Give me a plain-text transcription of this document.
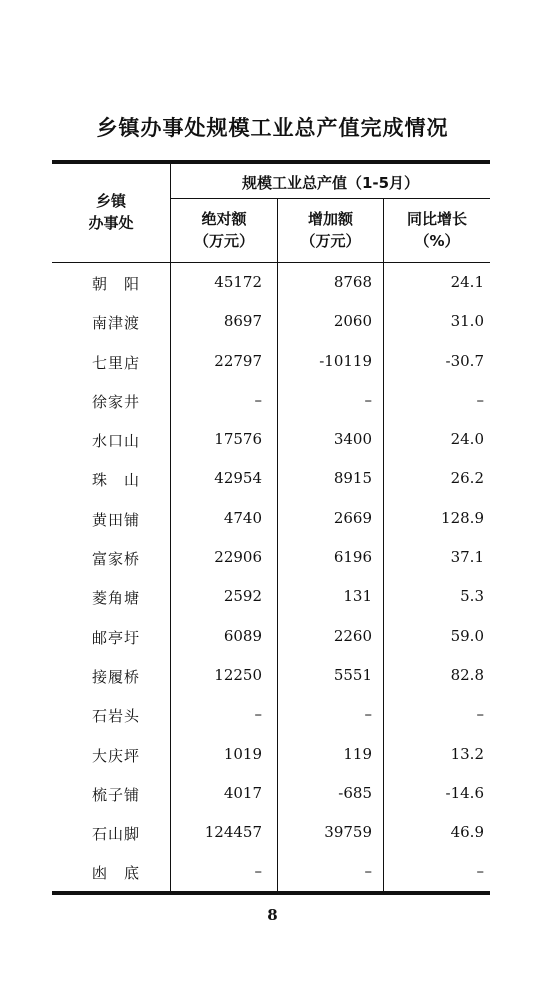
乡镇办事处规模工业总产值完成情况
乡镇
办事处
规模工业总产值（1-5月）
绝对额
（万元）
增加额
（万元）
同比增长
（%）
朝　阳	45172	8768	24.1
南津渡	8697	2060	31.0
七里店	22797	-10119	-30.7
徐家井	–	–	–
水口山	17576	3400	24.0
珠　山	42954	8915	26.2
黄田铺	4740	2669	128.9
富家桥	22906	6196	37.1
菱角塘	2592	131	5.3
邮亭圩	6089	2260	59.0
接履桥	12250	5551	82.8
石岩头	–	–	–
大庆坪	1019	119	13.2
梳子铺	4017	-685	-14.6
石山脚	124457	39759	46.9
凼　底	–	–	–
8
